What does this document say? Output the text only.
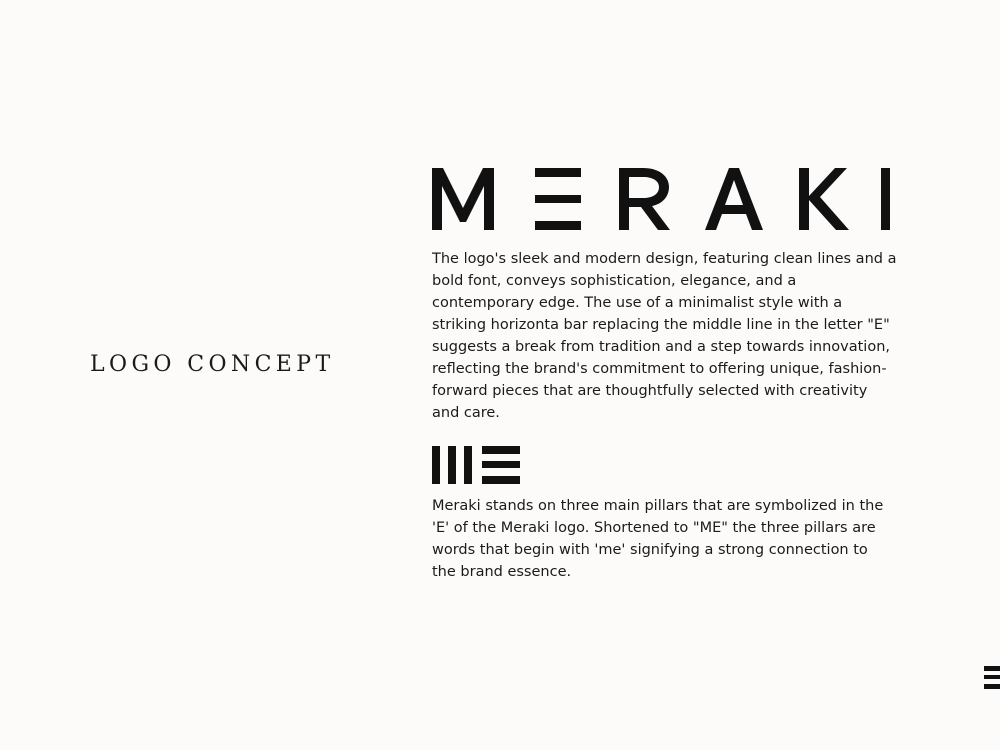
LOGO CONCEPT

The logo's sleek and modern design, featuring clean lines and a bold font, conveys sophistication, elegance, and a contemporary edge. The use of a minimalist style with a striking horizonta bar replacing the middle line in the letter "E" suggests a break from tradition and a step towards innovation, reflecting the brand's commitment to offering unique, fashion-forward pieces that are thoughtfully selected with creativity and care.

Meraki stands on three main pillars that are symbolized in the 'E' of the Meraki logo. Shortened to "ME" the three pillars are words that begin with 'me' signifying a strong connection to the brand essence.
